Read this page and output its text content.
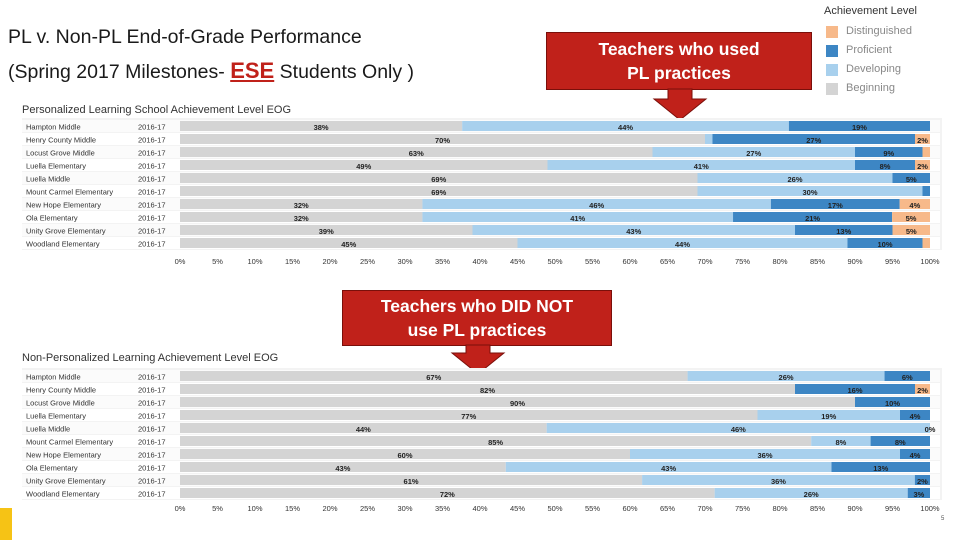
PL v. Non-PL End-of-Grade Performance
(Spring 2017 Milestones- ESE Students Only )
Teachers who used
PL practices
Teachers who DID NOT
use PL practices
Achievement Level
Distinguished
Proficient
Developing
Beginning
Personalized Learning School Achievement Level EOG
Hampton Middle	2016-17	38%	44%	19%
Henry County Middle	2016-17	70%	27%	2%
Locust Grove Middle	2016-17	63%	27%	9%
Luella Elementary	2016-17	49%	41%	8%	2%
Luella Middle	2016-17	69%	26%	5%
Mount Carmel Elementary	2016-17	69%	30%
New Hope Elementary	2016-17	32%	46%	17%	4%
Ola Elementary	2016-17	32%	41%	21%	5%
Unity Grove Elementary	2016-17	39%	43%	13%	5%
Woodland Elementary	2016-17	45%	44%	10%
0%	5%	10%	15%	20%	25%	30%	35%	40%	45%	50%	55%	60%	65%	70%	75%	80%	85%	90%	95%	100%
Non-Personalized Learning Achievement Level EOG
Hampton Middle	2016-17	67%	26%	6%
Henry County Middle	2016-17	82%	16%	2%
Locust Grove Middle	2016-17	90%	10%
Luella Elementary	2016-17	77%	19%	4%
Luella Middle	2016-17	44%	46%	0%
Mount Carmel Elementary	2016-17	85%	8%	8%
New Hope Elementary	2016-17	60%	36%	4%
Ola Elementary	2016-17	43%	43%	13%
Unity Grove Elementary	2016-17	61%	36%	2%
Woodland Elementary	2016-17	72%	26%	3%
0%	5%	10%	15%	20%	25%	30%	35%	40%	45%	50%	55%	60%	65%	70%	75%	80%	85%	90%	95%	100%
5
